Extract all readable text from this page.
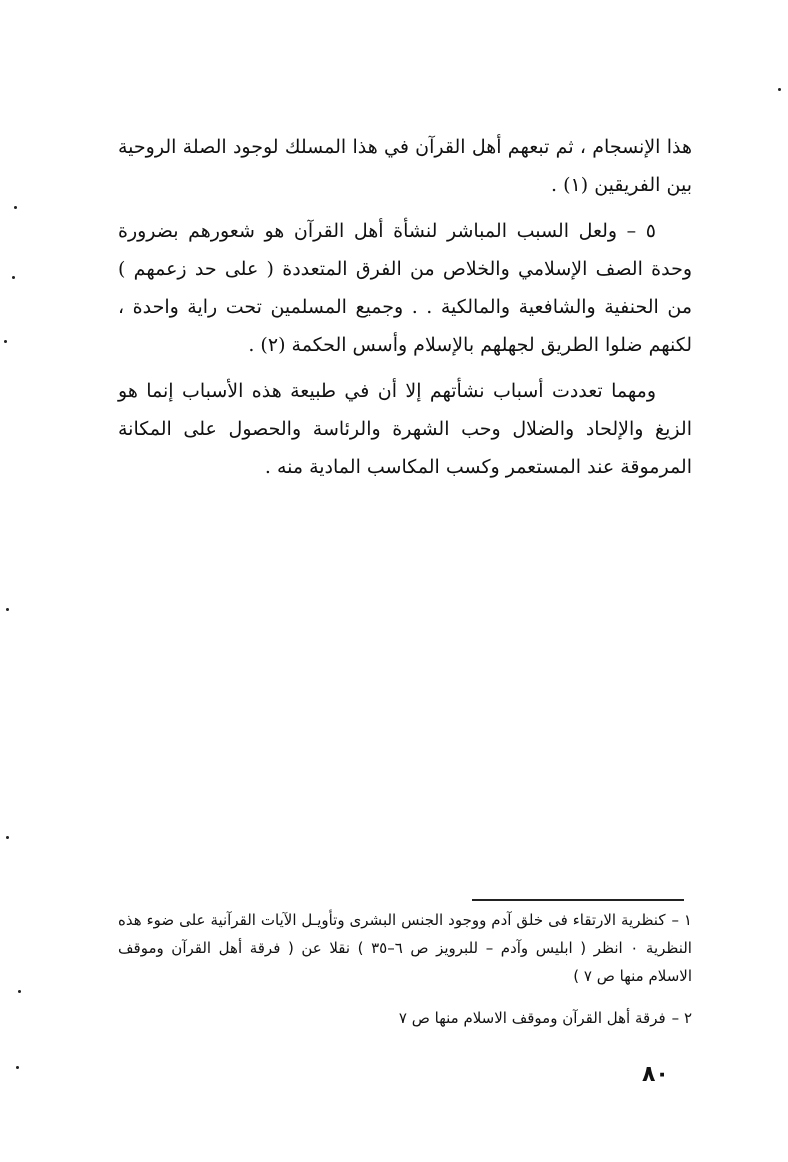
هذا الإنسجام ، ثم تبعهم أهل القرآن في هذا المسلك لوجود الصلة الروحية بين الفريقين (١) .

٥ – ولعل السبب المباشر لنشأة أهل القرآن هو شعورهم بضرورة وحدة الصف الإسلامي والخلاص من الفرق المتعددة ( على حد زعمهم ) من الحنفية والشافعية والمالكية . . وجميع المسلمين تحت راية واحدة ، لكنهم ضلوا الطريق لجهلهم بالإسلام وأسس الحكمة (٢) .

ومهما تعددت أسباب نشأتهم إلا أن في طبيعة هذه الأسباب إنما هو الزيغ والإلحاد والضلال وحب الشهرة والرئاسة والحصول على المكانة المرموقة عند المستعمر وكسب المكاسب المادية منه .

١ –كنظرية الارتقاء فى خلق آدم ووجود الجنس البشرى وتأويـل الآيات القرآنية على ضوء هذه النظرية ٠ انظر ( ابليس وآدم – للبرويز ص ٦–٣٥ ) نقلا عن ( فرقة أهل القرآن وموقف الاسلام منها ص ٧ )

٢ –فرقة أهل القرآن وموقف الاسلام منها ص ٧

٨٠
